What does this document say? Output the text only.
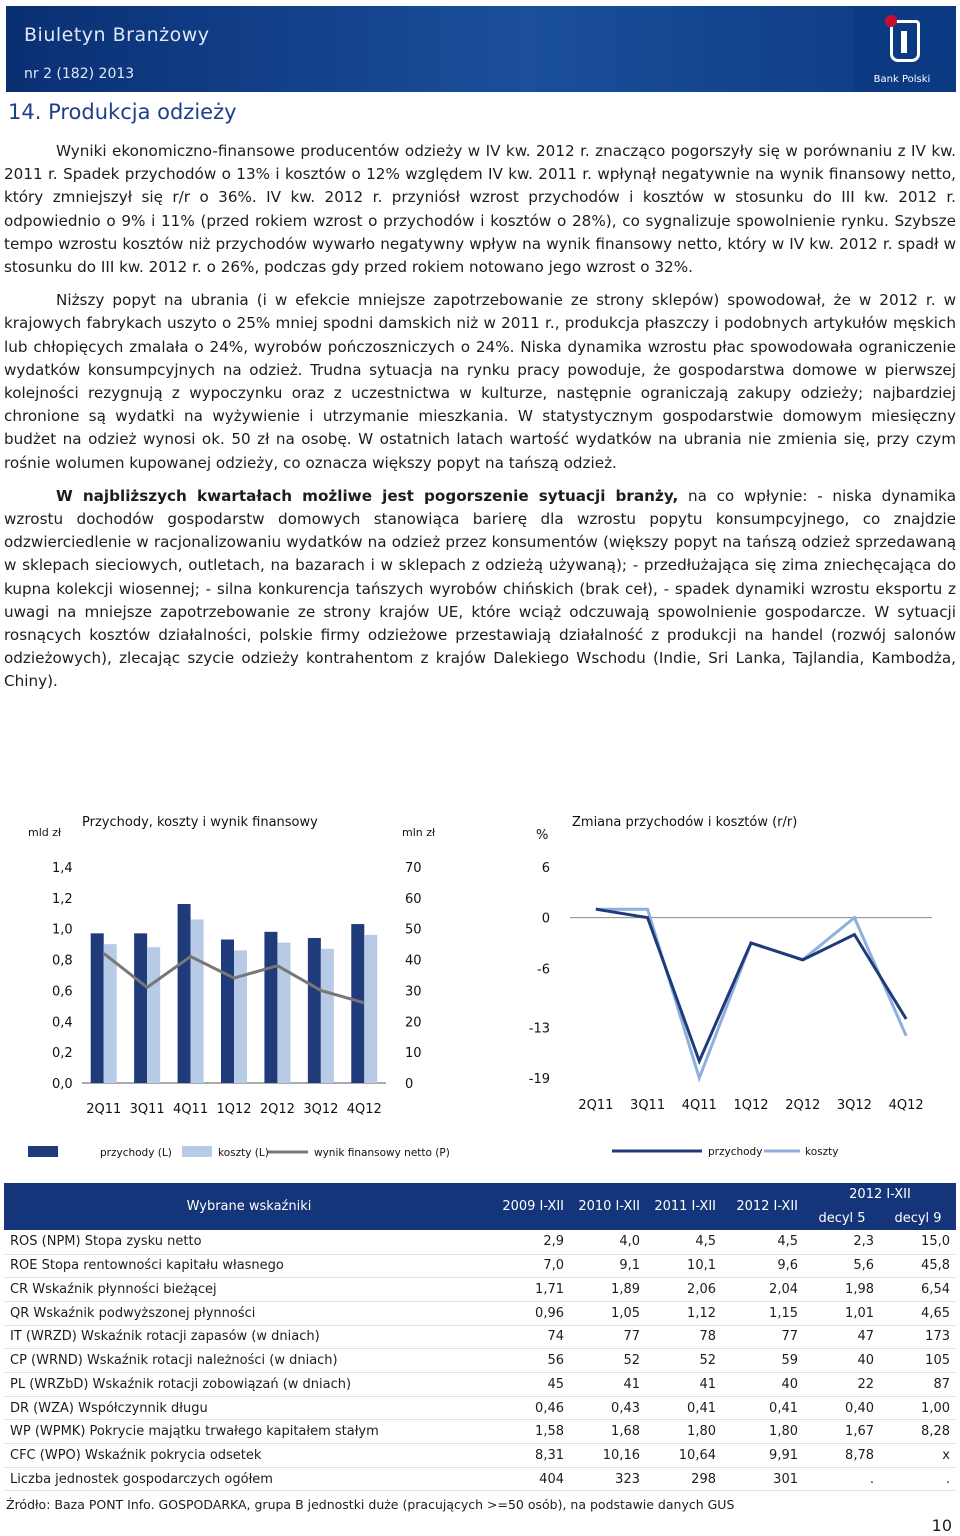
Biuletyn Branżowy
nr 2 (182) 2013	Bank Polski
14. Produkcja odzieży

Wyniki ekonomiczno-finansowe producentów odzieży w IV kw. 2012 r. znacząco pogorszyły się w porównaniu z IV kw. 2011 r. Spadek przychodów o 13% i kosztów o 12% względem IV kw. 2011 r. wpłynął negatywnie na wynik finansowy netto, który zmniejszył się r/r o 36%. IV kw. 2012 r. przyniósł wzrost przychodów i kosztów w stosunku do III kw. 2012 r. odpowiednio o 9% i 11% (przed rokiem wzrost o przychodów i kosztów o 28%), co sygnalizuje spowolnienie rynku. Szybsze tempo wzrostu kosztów niż przychodów wywarło negatywny wpływ na wynik finansowy netto, który w IV kw. 2012 r. spadł w stosunku do III kw. 2012 r. o 26%, podczas gdy przed rokiem notowano jego wzrost o 32%.

Niższy popyt na ubrania (i w efekcie mniejsze zapotrzebowanie ze strony sklepów) spowodował, że w 2012 r. w krajowych fabrykach uszyto o 25% mniej spodni damskich niż w 2011 r., produkcja płaszczy i podobnych artykułów męskich lub chłopięcych zmalała o 24%, wyrobów pończoszniczych o 24%. Niska dynamika wzrostu płac spowodowała ograniczenie wydatków konsumpcyjnych na odzież. Trudna sytuacja na rynku pracy powoduje, że gospodarstwa domowe w pierwszej kolejności rezygnują z wypoczynku oraz z uczestnictwa w kulturze, następnie ograniczają zakupy odzieży; najbardziej chronione są wydatki na wyżywienie i utrzymanie mieszkania. W statystycznym gospodarstwie domowym miesięczny budżet na odzież wynosi ok. 50 zł na osobę. W ostatnich latach wartość wydatków na ubrania nie zmienia się, przy czym rośnie wolumen kupowanej odzieży, co oznacza większy popyt na tańszą odzież.

W najbliższych kwartałach możliwe jest pogorszenie sytuacji branży, na co wpłynie: - niska dynamika wzrostu dochodów gospodarstw domowych stanowiąca barierę dla wzrostu popytu konsumpcyjnego, co znajdzie odzwierciedlenie w racjonalizowaniu wydatków na odzież przez konsumentów (większy popyt na tańszą odzież sprzedawaną w sklepach sieciowych, outletach, na bazarach i w sklepach z odzieżą używaną); - przedłużająca się zima zniechęcająca do kupna kolekcji wiosennej; - silna konkurencja tańszych wyrobów chińskich (brak ceł), - spadek dynamiki wzrostu eksportu z uwagi na mniejsze zapotrzebowanie ze strony krajów UE, które wciąż odczuwają spowolnienie gospodarcze. W sytuacji rosnących kosztów działalności, polskie firmy odzieżowe przestawiają działalność z produkcji na handel (rozwój salonów odzieżowych), zlecając szycie odzieży kontrahentom z krajów Dalekiego Wschodu (Indie, Sri Lanka, Tajlandia, Kambodża, Chiny).

Przychody, koszty i wynik finansowy
mld zł	mln zł
Zmiana przychodów i kosztów (r/r)
%
1,4
1,2
1,0
0,8
0,6
0,4
0,2
0,0
70
60
50
40
30
20
10
0
2Q11 3Q11 4Q11 1Q12 2Q12 3Q12 4Q12
przychody (L)	koszty (L)	wynik finansowy netto (P)
6
0
-6
-13
-19
2Q11 3Q11 4Q11 1Q12 2Q12 3Q12 4Q12
przychody	koszty
Wybrane wskaźniki	2009 I-XII	2010 I-XII	2011 I-XII	2012 I-XII	2012 I-XII	
					decyl 5	decyl 9
ROS (NPM) Stopa zysku netto	2,9	4,0	4,5	4,5	2,3	15,0
ROE Stopa rentowności kapitału własnego	7,0	9,1	10,1	9,6	5,6	45,8
CR Wskaźnik płynności bieżącej	1,71	1,89	2,06	2,04	1,98	6,54
QR Wskaźnik podwyższonej płynności	0,96	1,05	1,12	1,15	1,01	4,65
IT (WRZD) Wskaźnik rotacji zapasów (w dniach)	74	77	78	77	47	173
CP (WRND) Wskaźnik rotacji należności (w dniach)	56	52	52	59	40	105
PL (WRZbD) Wskaźnik rotacji zobowiązań (w dniach)	45	41	41	40	22	87
DR (WZA) Współczynnik długu	0,46	0,43	0,41	0,41	0,40	1,00
WP (WPMK) Pokrycie majątku trwałego kapitałem stałym	1,58	1,68	1,80	1,80	1,67	8,28
CFC (WPO) Wskaźnik pokrycia odsetek	8,31	10,16	10,64	9,91	8,78	x
Liczba jednostek gospodarczych ogółem	404	323	298	301	.	.
Źródło: Baza PONT Info. GOSPODARKA, grupa B jednostki duże (pracujących >=50 osób), na podstawie danych GUS
10
